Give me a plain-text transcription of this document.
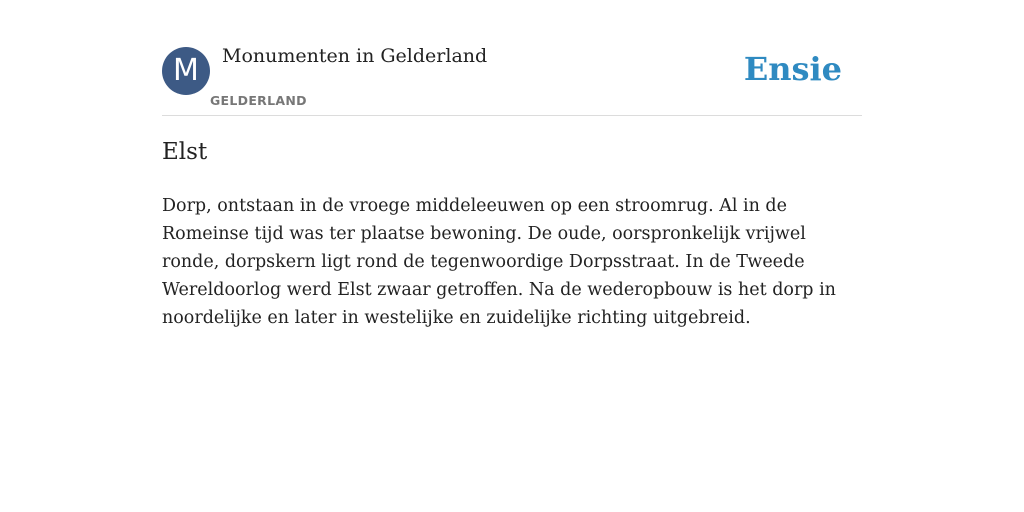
M	Monumenten in Gelderland
GELDERLAND
Ensie
Elst

Dorp, ontstaan in de vroege middeleeuwen op een stroomrug. Al in de Romeinse tijd was ter plaatse bewoning. De oude, oorspronkelijk vrijwel ronde, dorpskern ligt rond de tegenwoordige Dorpsstraat. In de Tweede Wereldoorlog werd Elst zwaar getroffen. Na de wederopbouw is het dorp in noordelijke en later in westelijke en zuidelijke richting uitgebreid.
